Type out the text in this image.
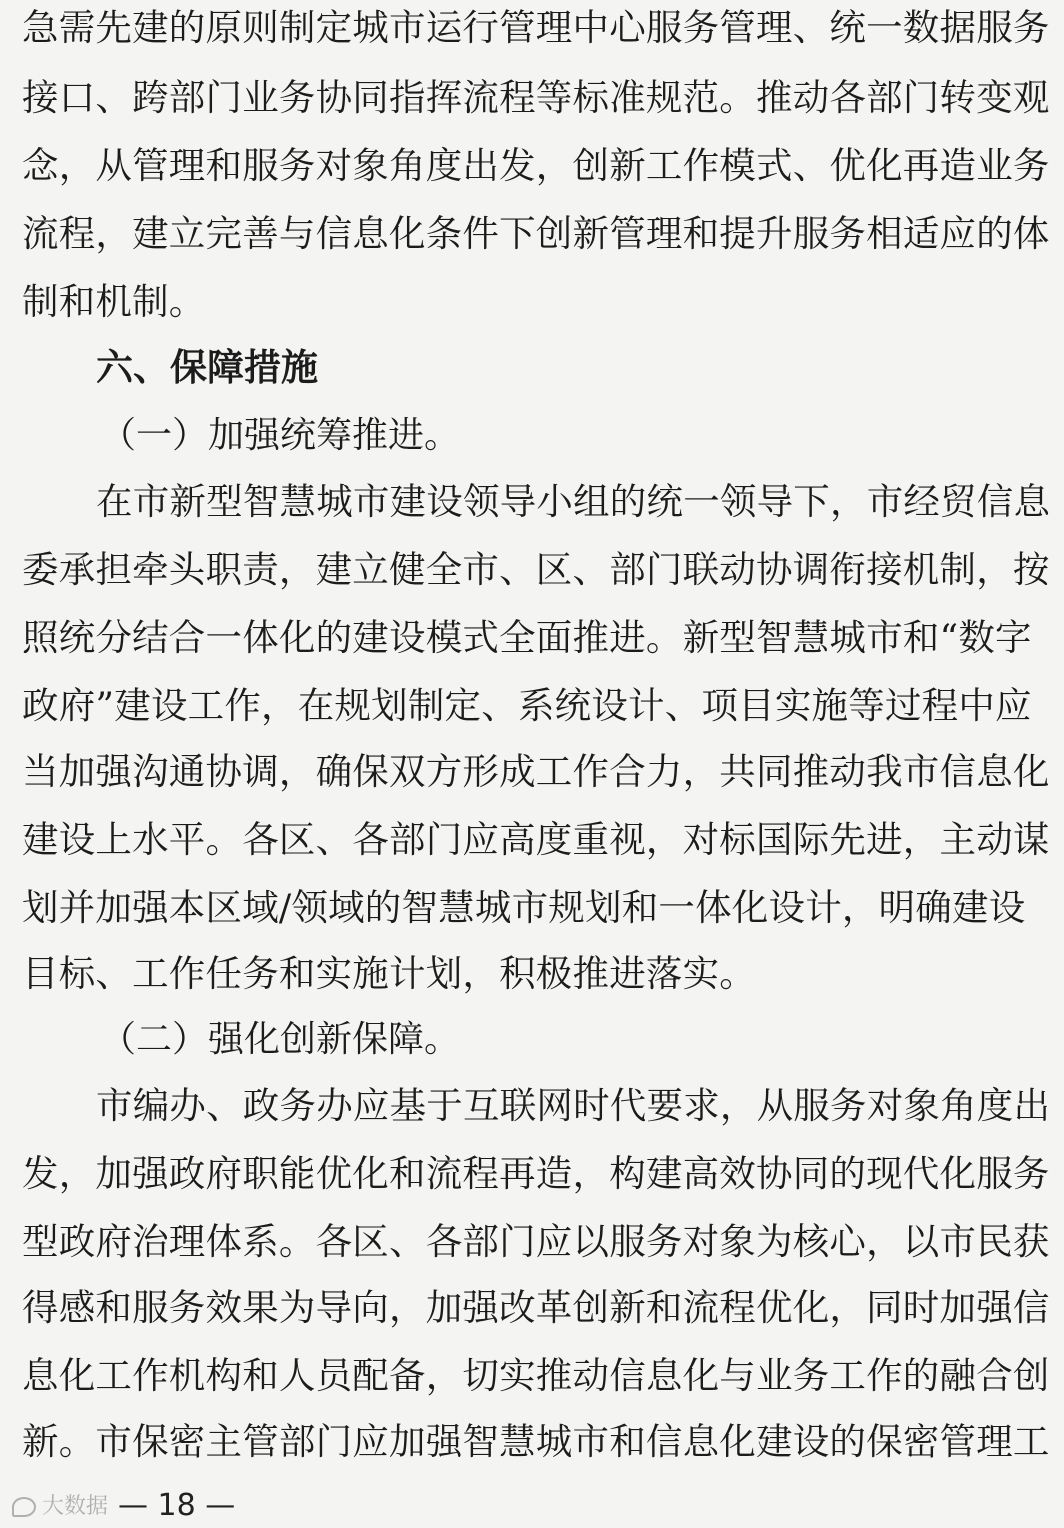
急需先建的原则制定城市运行管理中心服务管理、统一数据服务
接口、跨部门业务协同指挥流程等标准规范。推动各部门转变观
念，从管理和服务对象角度出发，创新工作模式、优化再造业务
流程，建立完善与信息化条件下创新管理和提升服务相适应的体
制和机制。
六、保障措施
（一）加强统筹推进。
在市新型智慧城市建设领导小组的统一领导下，市经贸信息
委承担牵头职责，建立健全市、区、部门联动协调衔接机制，按
照统分结合一体化的建设模式全面推进。新型智慧城市和“数字
政府”建设工作，在规划制定、系统设计、项目实施等过程中应
当加强沟通协调，确保双方形成工作合力，共同推动我市信息化
建设上水平。各区、各部门应高度重视，对标国际先进，主动谋
划并加强本区域/领域的智慧城市规划和一体化设计，明确建设
目标、工作任务和实施计划，积极推进落实。
（二）强化创新保障。
市编办、政务办应基于互联网时代要求，从服务对象角度出
发，加强政府职能优化和流程再造，构建高效协同的现代化服务
型政府治理体系。各区、各部门应以服务对象为核心，以市民获
得感和服务效果为导向，加强改革创新和流程优化，同时加强信
息化工作机构和人员配备，切实推动信息化与业务工作的融合创
新。市保密主管部门应加强智慧城市和信息化建设的保密管理工
大数据 — 18 —
